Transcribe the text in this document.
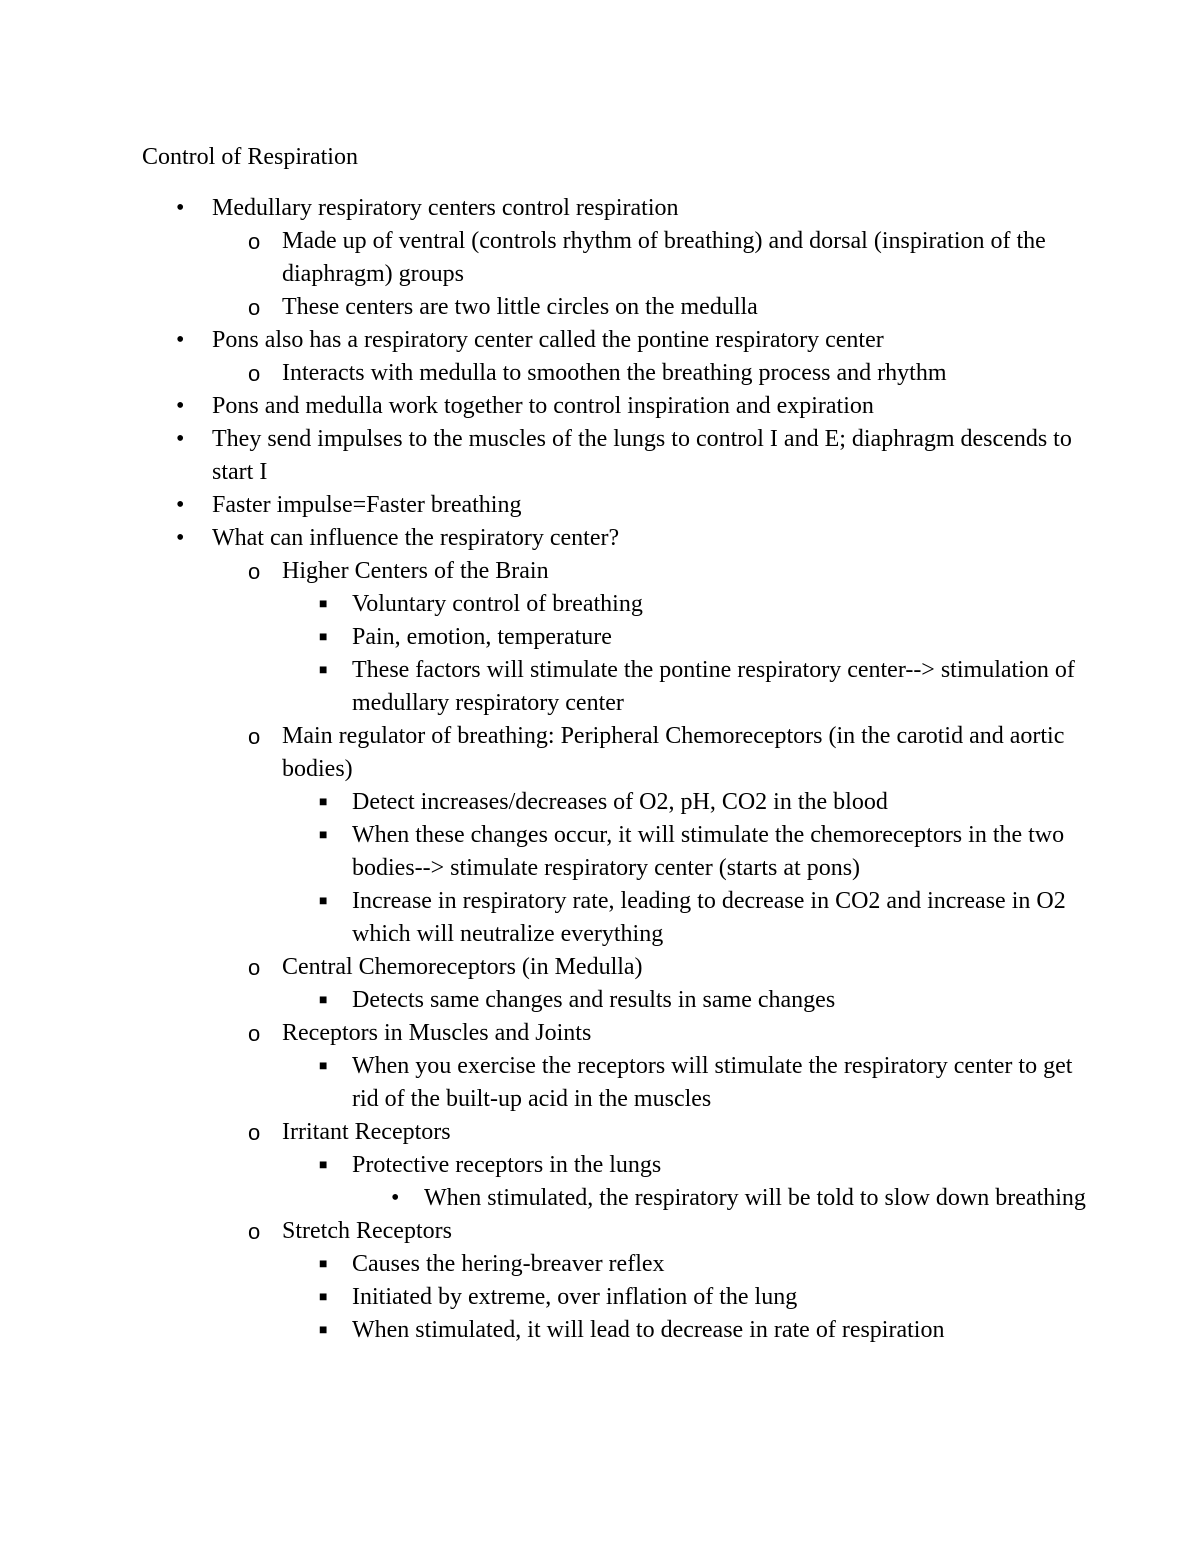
Control of Respiration
• Medullary respiratory centers control respiration
o Made up of ventral (controls rhythm of breathing) and dorsal (inspiration of the diaphragm) groups
o These centers are two little circles on the medulla
• Pons also has a respiratory center called the pontine respiratory center
o Interacts with medulla to smoothen the breathing process and rhythm
• Pons and medulla work together to control inspiration and expiration
• They send impulses to the muscles of the lungs to control I and E; diaphragm descends to start I
• Faster impulse=Faster breathing
• What can influence the respiratory center?
o Higher Centers of the Brain
■ Voluntary control of breathing
■ Pain, emotion, temperature
■ These factors will stimulate the pontine respiratory center--> stimulation of medullary respiratory center
o Main regulator of breathing: Peripheral Chemoreceptors (in the carotid and aortic bodies)
■ Detect increases/decreases of O2, pH, CO2 in the blood
■ When these changes occur, it will stimulate the chemoreceptors in the two bodies--> stimulate respiratory center (starts at pons)
■ Increase in respiratory rate, leading to decrease in CO2 and increase in O2 which will neutralize everything
o Central Chemoreceptors (in Medulla)
■ Detects same changes and results in same changes
o Receptors in Muscles and Joints
■ When you exercise the receptors will stimulate the respiratory center to get rid of the built-up acid in the muscles
o Irritant Receptors
■ Protective receptors in the lungs
• When stimulated, the respiratory will be told to slow down breathing
o Stretch Receptors
■ Causes the hering-breaver reflex
■ Initiated by extreme, over inflation of the lung
■ When stimulated, it will lead to decrease in rate of respiration
